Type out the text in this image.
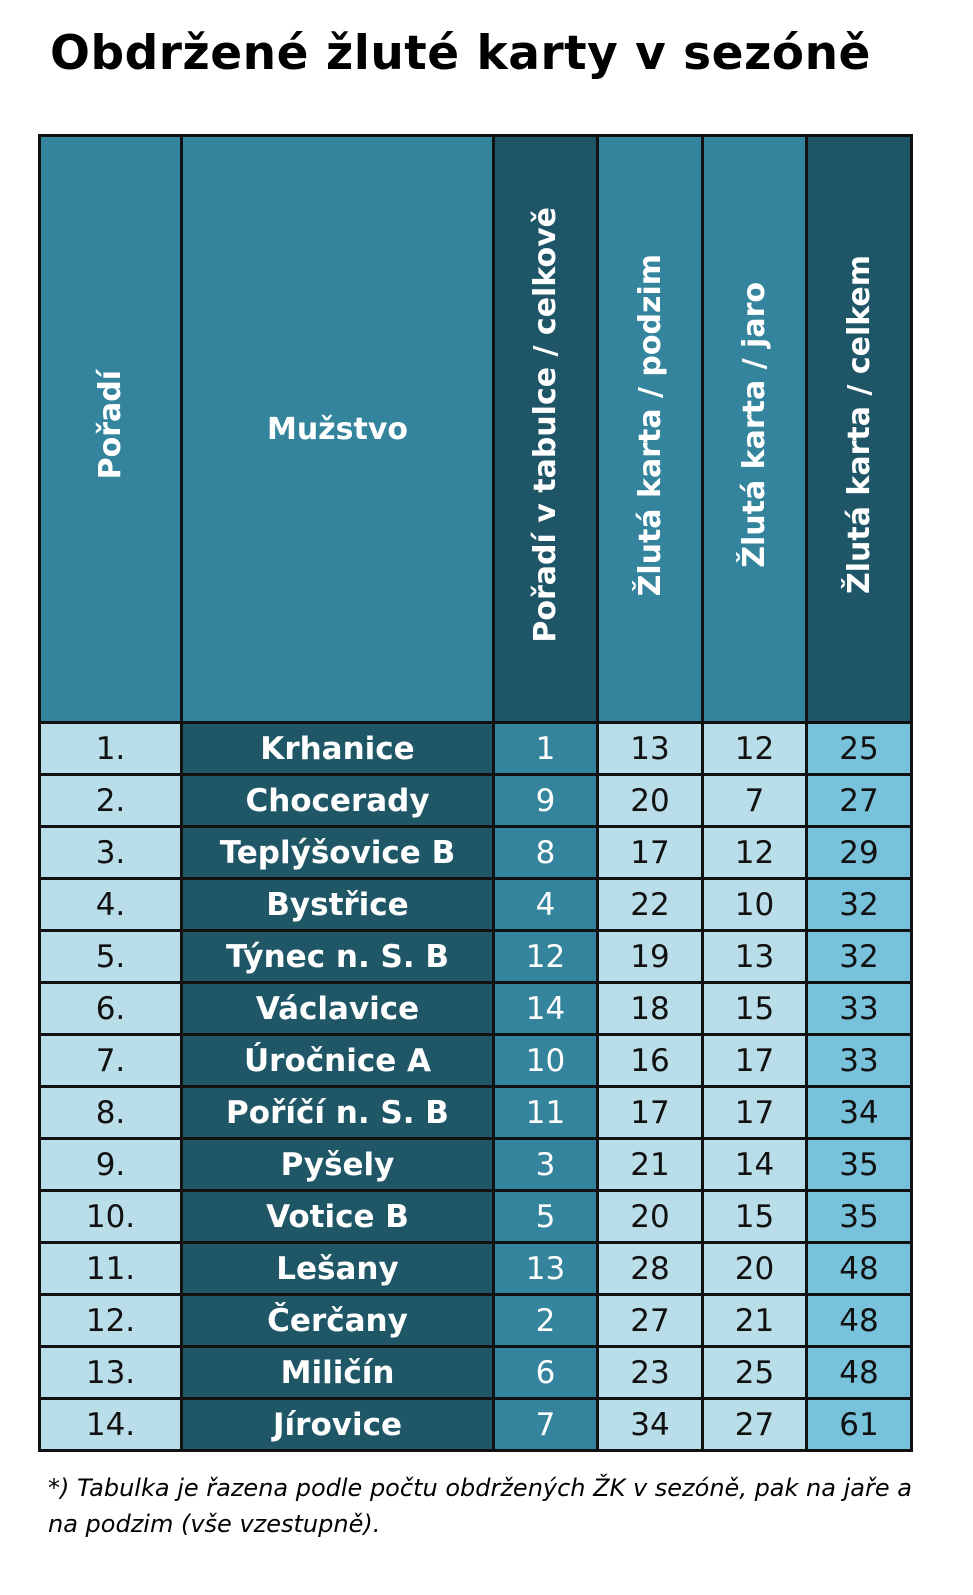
Obdržené žluté karty v sezóně
Pořadí	Mužstvo	Pořadí v tabulce / celkově	Žlutá karta / podzim	Žlutá karta / jaro	Žlutá karta / celkem
1.	Krhanice	1	13	12	25
2.	Chocerady	9	20	7	27
3.	Teplýšovice B	8	17	12	29
4.	Bystřice	4	22	10	32
5.	Týnec n. S. B	12	19	13	32
6.	Václavice	14	18	15	33
7.	Úročnice A	10	16	17	33
8.	Poříčí n. S. B	11	17	17	34
9.	Pyšely	3	21	14	35
10.	Votice B	5	20	15	35
11.	Lešany	13	28	20	48
12.	Čerčany	2	27	21	48
13.	Miličín	6	23	25	48
14.	Jírovice	7	34	27	61

*) Tabulka je řazena podle počtu obdržených ŽK v sezóně, pak na jaře a na podzim (vše vzestupně).
